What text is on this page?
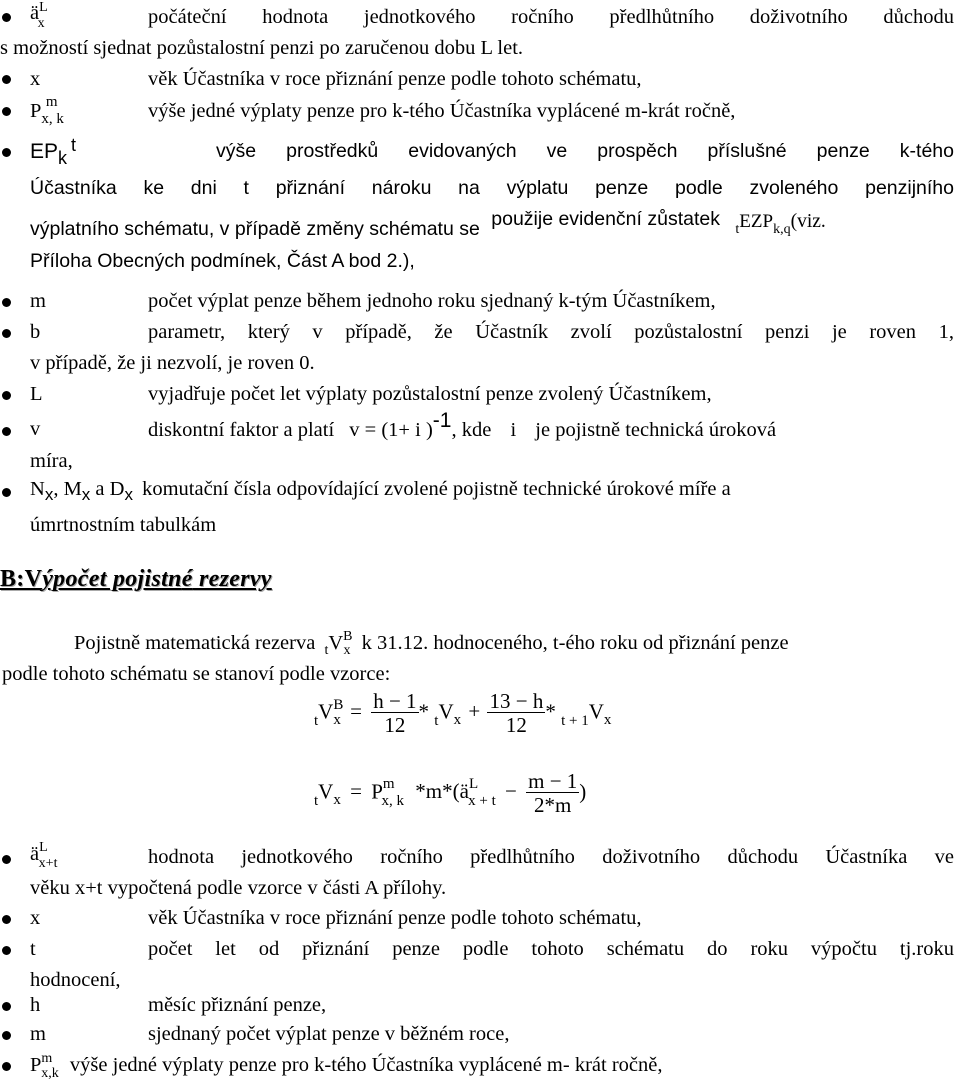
$ä^L_x$	počáteční hodnota jednotkového ročního předlhůtního doživotního důchodu
s možností sjednat pozůstalostní penzi po zaručenou dobu L let.
x	věk Účastníka v roce přiznání penze podle tohoto schématu,
$P_{x, k}^m$	výše jedné výplaty penze pro k-tého Účastníka vyplácené m-krát ročně,
EPkt	výše prostředků evidovaných ve prospěch příslušné penze k-tého
Účastníka ke dni t přiznání nároku na výplatu penze podle zvoleného penzijního
výplatního schématu, v případě změny schématu se použije evidenční zůstatek $_tEZP_{k,q}(viz$.
Příloha Obecných podmínek, Část A bod 2.),
m	počet výplat penze během jednoho roku sjednaný k-tým Účastníkem,
b	parametr, který v případě, že Účastník zvolí pozůstalostní penzi je roven 1,
v případě, že ji nezvolí, je roven 0.
L	vyjadřuje počet let výplaty pozůstalostní penze zvolený Účastníkem,
v	diskontní faktor a platí v = (1+ i )-1, kde i je pojistně technická úroková
míra,
$N_x$, $M_x$ a $D_x$ komutační čísla odpovídající zvolené pojistně technické úrokové míře a
úmrtnostním tabulkám
B:Výpočet pojistné rezervy
Pojistně matematická rezerva $_tV^B_x$ k 31.12. hodnoceného, t-ého roku od přiznání penze
podle tohoto schématu se stanoví podle vzorce:
$_tV^B_x = \frac{h - 1}{12} * _tV_x + \frac{13 - h}{12} * _{t + 1}V_x$
$_tV_x = P^m_{x, k}$ $*m*(ä^L_{x + t} - \frac{m - 1}{2*m}$ )
$ä^L_{x+t}$	hodnota jednotkového ročního předlhůtního doživotního důchodu Účastníka ve
věku x+t vypočtená podle vzorce v části A přílohy.
x	věk Účastníka v roce přiznání penze podle tohoto schématu,
t	počet let od přiznání penze podle tohoto schématu do roku výpočtu tj.roku
hodnocení,
h	měsíc přiznání penze,
m	sjednaný počet výplat penze v běžném roce,
$P^m_{x,k}$ výše jedné výplaty penze pro k-tého Účastníka vyplácené m- krát ročně,
